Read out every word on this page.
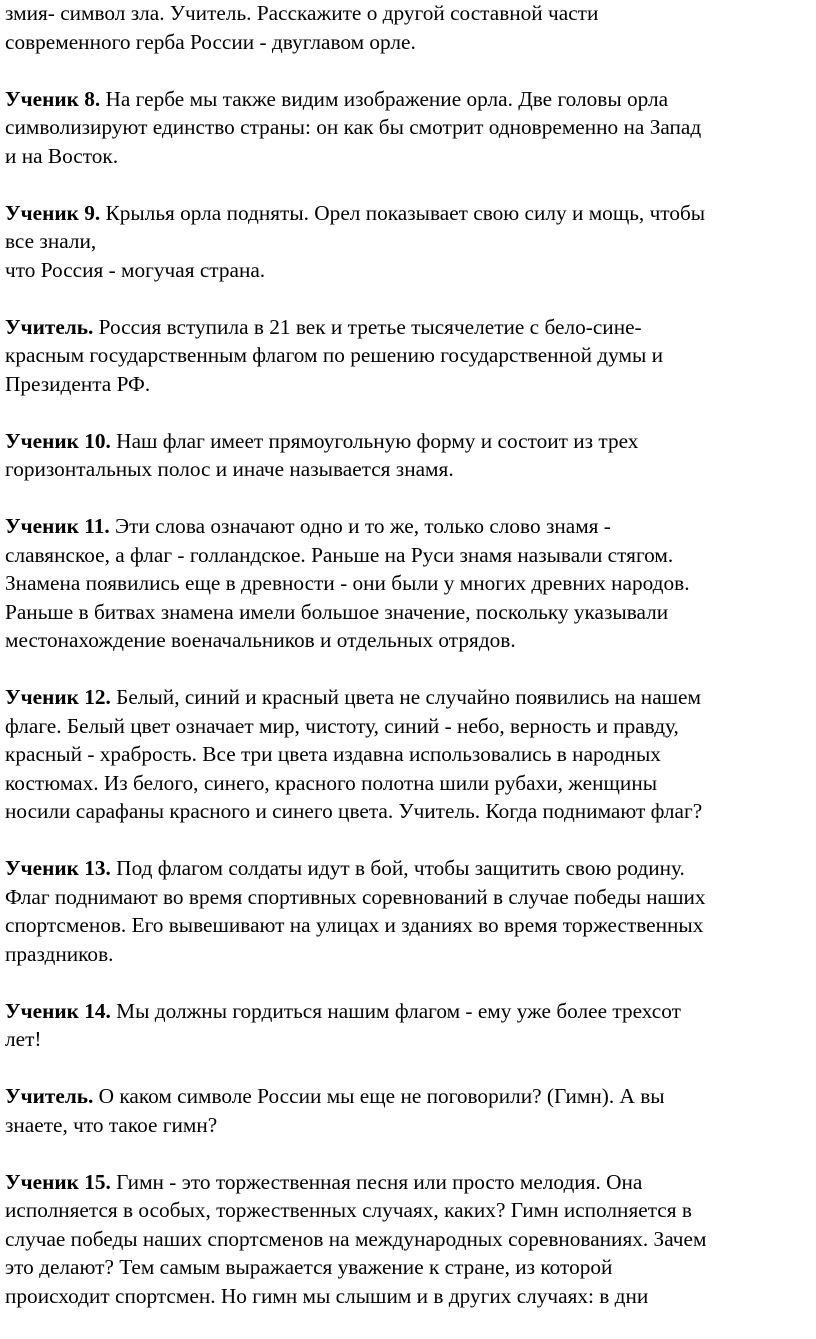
змия- символ зла. Учитель. Расскажите о другой составной части
современного герба России - двуглавом орле.

Ученик 8. На гербе мы также видим изображение орла. Две головы орла
символизируют единство страны: он как бы смотрит одновременно на Запад
и на Восток.

Ученик 9. Крылья орла подняты. Орел показывает свою силу и мощь, чтобы
все знали,
что Россия - могучая страна.

Учитель. Россия вступила в 21 век и третье тысячелетие с бело-сине-
красным государственным флагом по решению государственной думы и
Президента РФ.

Ученик 10. Наш флаг имеет прямоугольную форму и состоит из трех
горизонтальных полос и иначе называется знамя.

Ученик 11. Эти слова означают одно и то же, только слово знамя -
славянское, а флаг - голландское. Раньше на Руси знамя называли стягом.
Знамена появились еще в древности - они были у многих древних народов.
Раньше в битвах знамена имели большое значение, поскольку указывали
местонахождение военачальников и отдельных отрядов.

Ученик 12. Белый, синий и красный цвета не случайно появились на нашем
флаге. Белый цвет означает мир, чистоту, синий - небо, верность и правду,
красный - храбрость. Все три цвета издавна использовались в народных
костюмах. Из белого, синего, красного полотна шили рубахи, женщины
носили сарафаны красного и синего цвета. Учитель. Когда поднимают флаг?

Ученик 13. Под флагом солдаты идут в бой, чтобы защитить свою родину.
Флаг поднимают во время спортивных соревнований в случае победы наших
спортсменов. Его вывешивают на улицах и зданиях во время торжественных
праздников.

Ученик 14. Мы должны гордиться нашим флагом - ему уже более трехсот
лет!

Учитель. О каком символе России мы еще не поговорили? (Гимн). А вы
знаете, что такое гимн?

Ученик 15. Гимн - это торжественная песня или просто мелодия. Она
исполняется в особых, торжественных случаях, каких? Гимн исполняется в
случае победы наших спортсменов на международных соревнованиях. Зачем
это делают? Тем самым выражается уважение к стране, из которой
происходит спортсмен. Но гимн мы слышим и в других случаях: в дни
